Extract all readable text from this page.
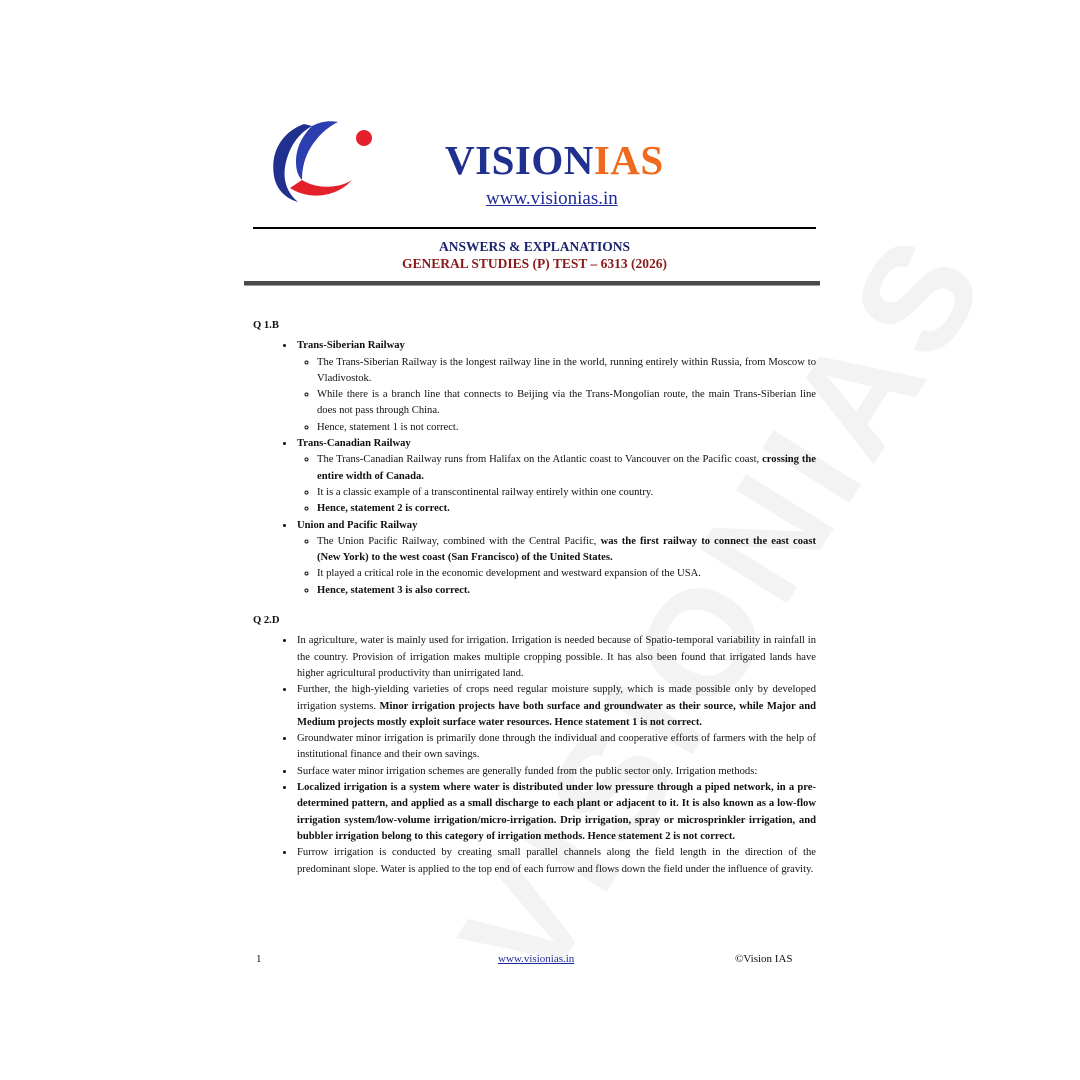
VISIONIAS
www.visionias.in
ANSWERS & EXPLANATIONS
GENERAL STUDIES (P) TEST – 6313 (2026)
Q 1.B
• Trans-Siberian Railway
◦ The Trans-Siberian Railway is the longest railway line in the world, running entirely within Russia, from Moscow to Vladivostok.
◦ While there is a branch line that connects to Beijing via the Trans-Mongolian route, the main Trans-Siberian line does not pass through China.
◦ Hence, statement 1 is not correct.
• Trans-Canadian Railway
◦ The Trans-Canadian Railway runs from Halifax on the Atlantic coast to Vancouver on the Pacific coast, crossing the entire width of Canada.
◦ It is a classic example of a transcontinental railway entirely within one country.
◦ Hence, statement 2 is correct.
• Union and Pacific Railway
◦ The Union Pacific Railway, combined with the Central Pacific, was the first railway to connect the east coast (New York) to the west coast (San Francisco) of the United States.
◦ It played a critical role in the economic development and westward expansion of the USA.
◦ Hence, statement 3 is also correct.
Q 2.D
• In agriculture, water is mainly used for irrigation. Irrigation is needed because of Spatio-temporal variability in rainfall in the country. Provision of irrigation makes multiple cropping possible. It has also been found that irrigated lands have higher agricultural productivity than unirrigated land.
• Further, the high-yielding varieties of crops need regular moisture supply, which is made possible only by developed irrigation systems. Minor irrigation projects have both surface and groundwater as their source, while Major and Medium projects mostly exploit surface water resources. Hence statement 1 is not correct.
• Groundwater minor irrigation is primarily done through the individual and cooperative efforts of farmers with the help of institutional finance and their own savings.
• Surface water minor irrigation schemes are generally funded from the public sector only. Irrigation methods:
• Localized irrigation is a system where water is distributed under low pressure through a piped network, in a pre-determined pattern, and applied as a small discharge to each plant or adjacent to it. It is also known as a low-flow irrigation system/low-volume irrigation/micro-irrigation. Drip irrigation, spray or microsprinkler irrigation, and bubbler irrigation belong to this category of irrigation methods. Hence statement 2 is not correct.
• Furrow irrigation is conducted by creating small parallel channels along the field length in the direction of the predominant slope. Water is applied to the top end of each furrow and flows down the field under the influence of gravity.
1	www.visionias.in	©Vision IAS
